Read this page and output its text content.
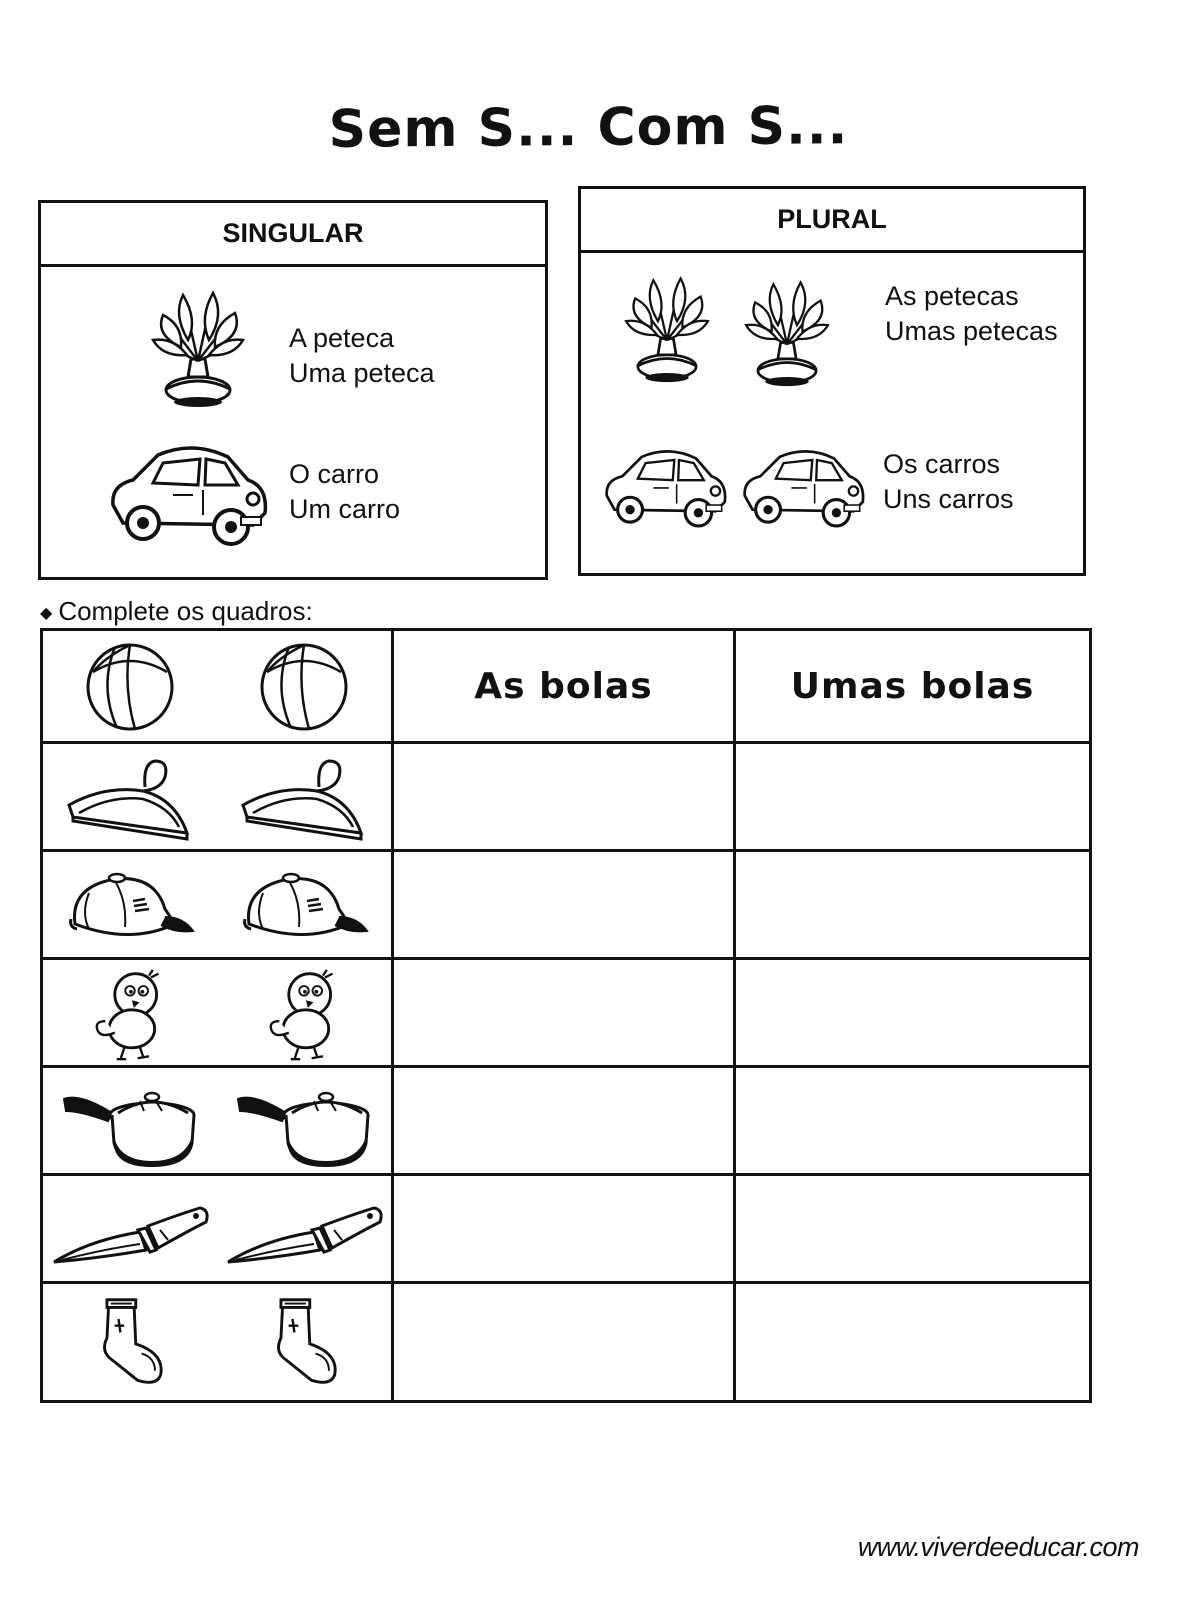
Sem S... Com S...
SINGULAR
A peteca
Uma peteca
O carro
Um carro
PLURAL
As petecas
Umas petecas
Os carros
Uns carros
◆ Complete os quadros:
As bolas	Umas bolas
www.viverdeeducar.com
